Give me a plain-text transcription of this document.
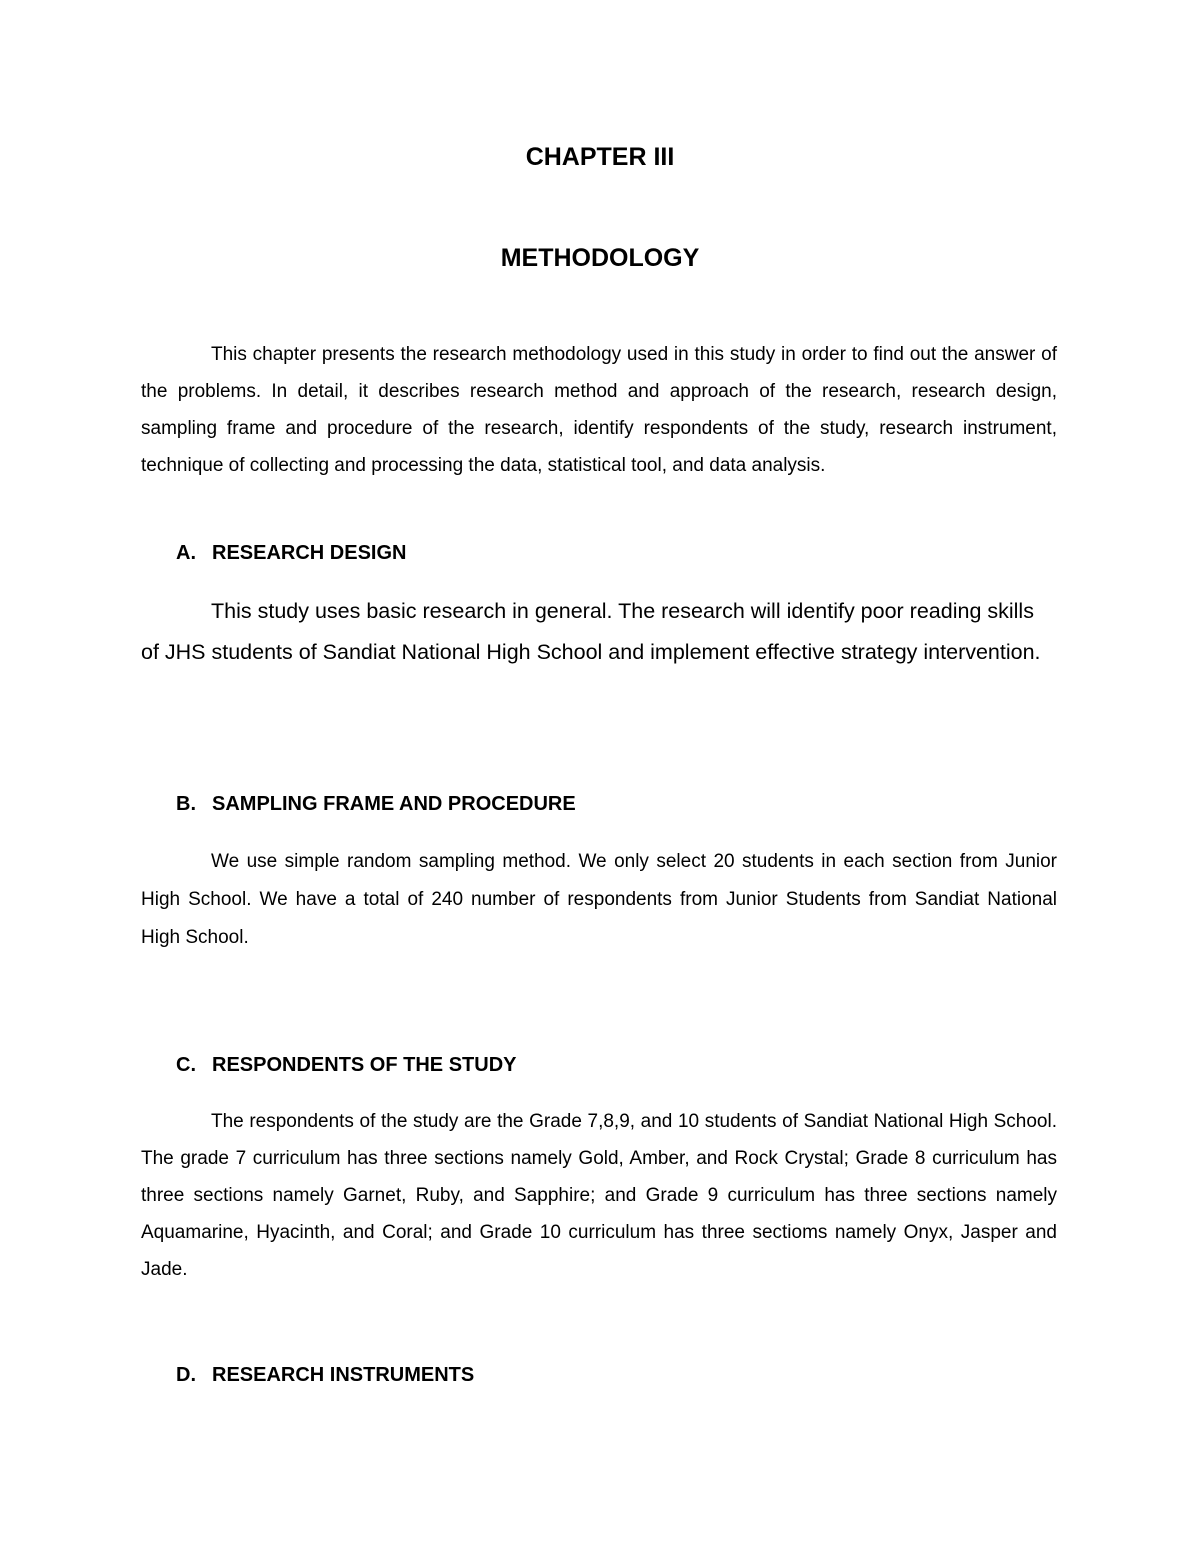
CHAPTER III
METHODOLOGY

This chapter presents the research methodology used in this study in order to find out the answer of the problems. In detail, it describes research method and approach of the research, research design, sampling frame and procedure of the research, identify respondents of the study, research instrument, technique of collecting and processing the data, statistical tool, and data analysis.

A. RESEARCH DESIGN

This study uses basic research in general. The research will identify poor reading skills of JHS students of Sandiat National High School and implement effective strategy intervention.

B. SAMPLING FRAME AND PROCEDURE

We use simple random sampling method. We only select 20 students in each section from Junior High School. We have a total of 240 number of respondents from Junior Students from Sandiat National High School.

C. RESPONDENTS OF THE STUDY

The respondents of the study are the Grade 7,8,9, and 10 students of Sandiat National High School. The grade 7 curriculum has three sections namely Gold, Amber, and Rock Crystal; Grade 8 curriculum has three sections namely Garnet, Ruby, and Sapphire; and Grade 9 curriculum has three sections namely Aquamarine, Hyacinth, and Coral; and Grade 10 curriculum has three sectioms namely Onyx, Jasper and Jade.

D. RESEARCH INSTRUMENTS
